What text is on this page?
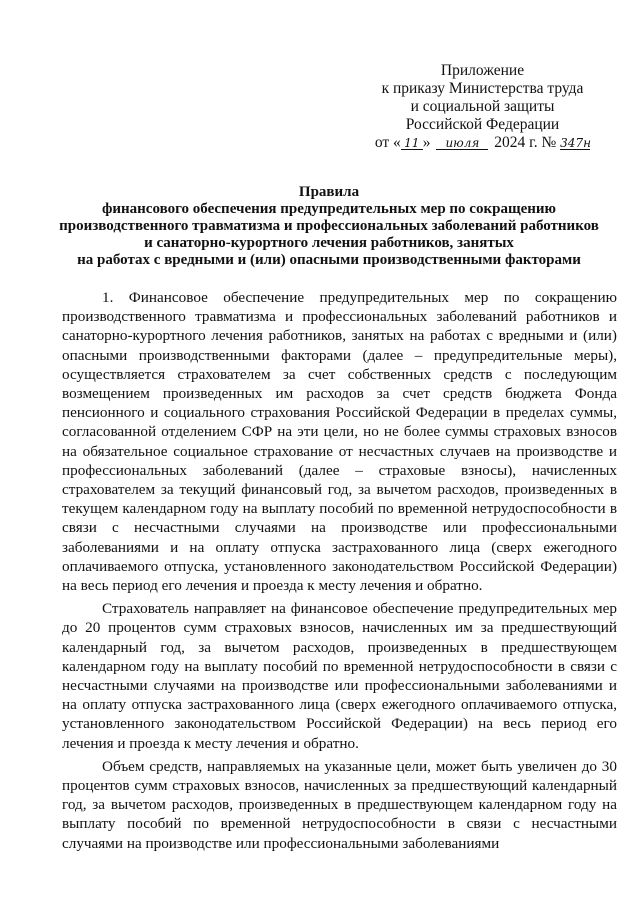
Приложение
к приказу Министерства труда
и социальной защиты
Российской Федерации
от « 11 » июля 2024 г. № 347н
Правила
финансового обеспечения предупредительных мер по сокращению
производственного травматизма и профессиональных заболеваний работников
и санаторно-курортного лечения работников, занятых
на работах с вредными и (или) опасными производственными факторами

1. Финансовое обеспечение предупредительных мер по сокращению производственного травматизма и профессиональных заболеваний работников и санаторно-курортного лечения работников, занятых на работах с вредными и (или) опасными производственными факторами (далее – предупредительные меры), осуществляется страхователем за счет собственных средств с последующим возмещением произведенных им расходов за счет средств бюджета Фонда пенсионного и социального страхования Российской Федерации в пределах суммы, согласованной отделением СФР на эти цели, но не более суммы страховых взносов на обязательное социальное страхование от несчастных случаев на производстве и профессиональных заболеваний (далее – страховые взносы), начисленных страхователем за текущий финансовый год, за вычетом расходов, произведенных в текущем календарном году на выплату пособий по временной нетрудоспособности в связи с несчастными случаями на производстве или профессиональными заболеваниями и на оплату отпуска застрахованного лица (сверх ежегодного оплачиваемого отпуска, установленного законодательством Российской Федерации) на весь период его лечения и проезда к месту лечения и обратно.

Страхователь направляет на финансовое обеспечение предупредительных мер до 20 процентов сумм страховых взносов, начисленных им за предшествующий календарный год, за вычетом расходов, произведенных в предшествующем календарном году на выплату пособий по временной нетрудоспособности в связи с несчастными случаями на производстве или профессиональными заболеваниями и на оплату отпуска застрахованного лица (сверх ежегодного оплачиваемого отпуска, установленного законодательством Российской Федерации) на весь период его лечения и проезда к месту лечения и обратно.

Объем средств, направляемых на указанные цели, может быть увеличен до 30 процентов сумм страховых взносов, начисленных за предшествующий календарный год, за вычетом расходов, произведенных в предшествующем календарном году на выплату пособий по временной нетрудоспособности в связи с несчастными случаями на производстве или профессиональными заболеваниями
